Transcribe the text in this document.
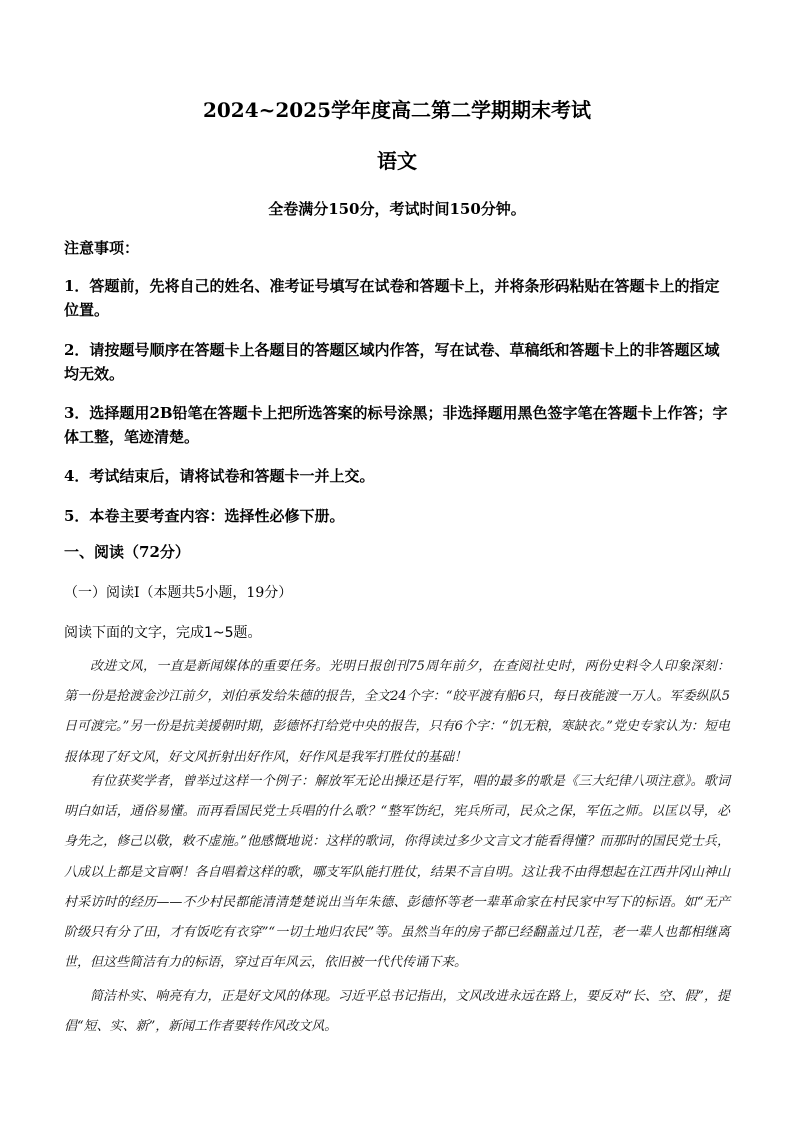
2024~2025学年度高二第二学期期末考试
语文
全卷满分150分，考试时间150分钟。
注意事项：
1．答题前，先将自己的姓名、准考证号填写在试卷和答题卡上，并将条形码粘贴在答题卡上的指定位置。
2．请按题号顺序在答题卡上各题目的答题区域内作答，写在试卷、草稿纸和答题卡上的非答题区域均无效。
3．选择题用2B铅笔在答题卡上把所选答案的标号涂黑；非选择题用黑色签字笔在答题卡上作答；字体工整，笔迹清楚。
4．考试结束后，请将试卷和答题卡一并上交。
5．本卷主要考查内容：选择性必修下册。
一、阅读（72分）
（一）阅读Ⅰ（本题共5小题，19分）
阅读下面的文字，完成1~5题。
改进文风，一直是新闻媒体的重要任务。光明日报创刊75周年前夕，在查阅社史时，两份史料令人印象深刻：第一份是抢渡金沙江前夕，刘伯承发给朱德的报告，全文24个字：“皎平渡有船6只，每日夜能渡一万人。军委纵队5日可渡完。”另一份是抗美援朝时期，彭德怀打给党中央的报告，只有6个字：“饥无粮，寒缺衣。”党史专家认为：短电报体现了好文风，好文风折射出好作风，好作风是我军打胜仗的基础！
有位获奖学者，曾举过这样一个例子：解放军无论出操还是行军，唱的最多的歌是《三大纪律八项注意》。歌词明白如话，通俗易懂。而再看国民党士兵唱的什么歌？“整军饬纪，宪兵所司，民众之保，军伍之师。以匡以导，必身先之，修己以敬，敕不虚施。”他感慨地说：这样的歌词，你得读过多少文言文才能看得懂？而那时的国民党士兵，八成以上都是文盲啊！各自唱着这样的歌，哪支军队能打胜仗，结果不言自明。这让我不由得想起在江西井冈山神山村采访时的经历——不少村民都能清清楚楚说出当年朱德、彭德怀等老一辈革命家在村民家中写下的标语。如“无产阶级只有分了田，才有饭吃有衣穿”“一切土地归农民”等。虽然当年的房子都已经翻盖过几茬，老一辈人也都相继离世，但这些简洁有力的标语，穿过百年风云，依旧被一代代传诵下来。
简洁朴实、响亮有力，正是好文风的体现。习近平总书记指出，文风改进永远在路上，要反对“长、空、假”，提倡“短、实、新”，新闻工作者要转作风改文风。
